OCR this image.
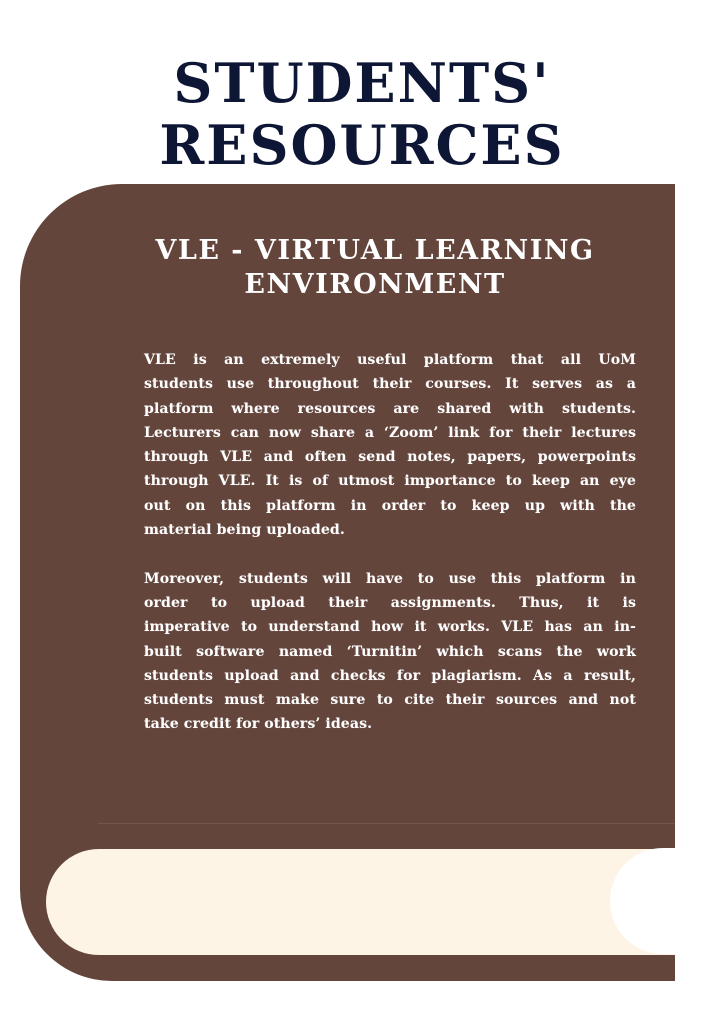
STUDENTS'
RESOURCES
VLE - VIRTUAL LEARNING
ENVIRONMENT

VLE is an extremely useful platform that all UoM
students use throughout their courses. It serves as a
platform where resources are shared with students.
Lecturers can now share a ‘Zoom’ link for their lectures
through VLE and often send notes, papers, powerpoints
through VLE. It is of utmost importance to keep an eye
out on this platform in order to keep up with the
material being uploaded.

Moreover, students will have to use this platform in
order to upload their assignments. Thus, it is
imperative to understand how it works. VLE has an in-
built software named ‘Turnitin’ which scans the work
students upload and checks for plagiarism. As a result,
students must make sure to cite their sources and not
take credit for others’ ideas.
